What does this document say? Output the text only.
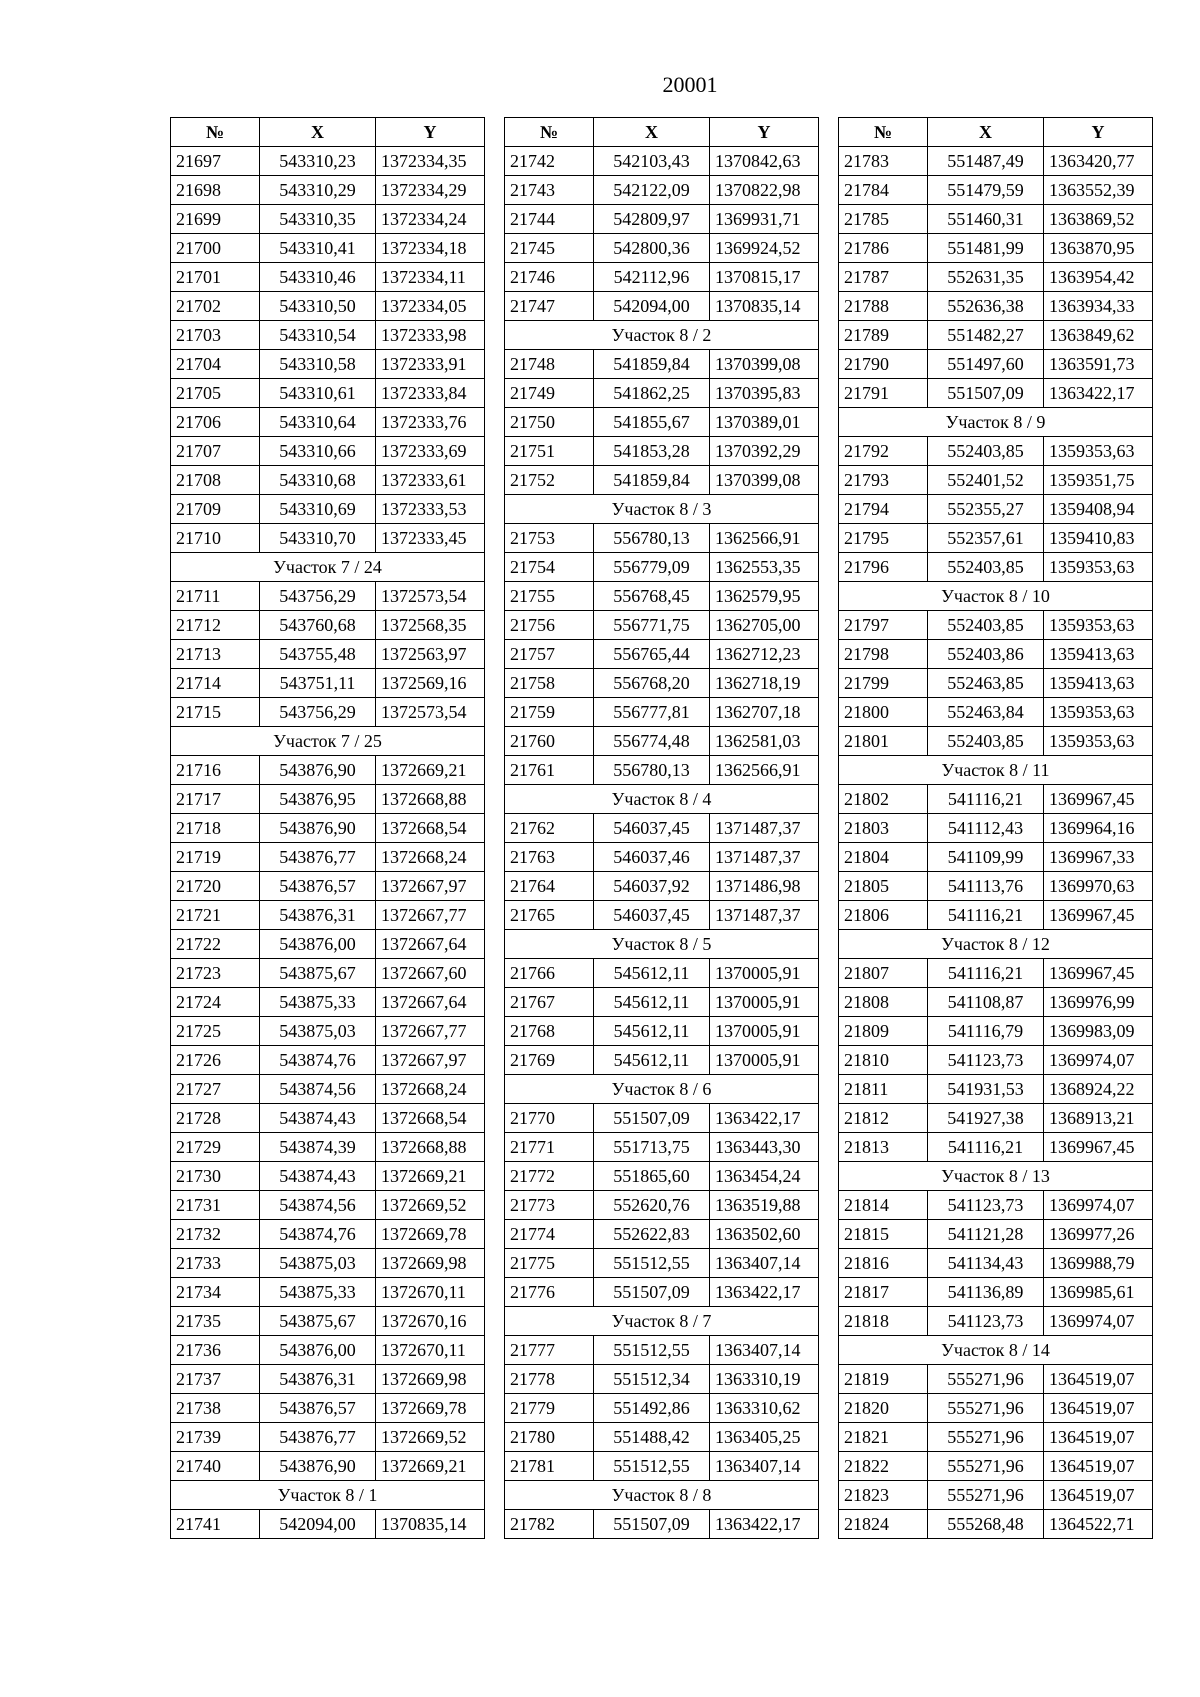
20001
№	X	Y
21697	543310,23	1372334,35
21698	543310,29	1372334,29
21699	543310,35	1372334,24
21700	543310,41	1372334,18
21701	543310,46	1372334,11
21702	543310,50	1372334,05
21703	543310,54	1372333,98
21704	543310,58	1372333,91
21705	543310,61	1372333,84
21706	543310,64	1372333,76
21707	543310,66	1372333,69
21708	543310,68	1372333,61
21709	543310,69	1372333,53
21710	543310,70	1372333,45
Участок 7 / 24		
21711	543756,29	1372573,54
21712	543760,68	1372568,35
21713	543755,48	1372563,97
21714	543751,11	1372569,16
21715	543756,29	1372573,54
Участок 7 / 25		
21716	543876,90	1372669,21
21717	543876,95	1372668,88
21718	543876,90	1372668,54
21719	543876,77	1372668,24
21720	543876,57	1372667,97
21721	543876,31	1372667,77
21722	543876,00	1372667,64
21723	543875,67	1372667,60
21724	543875,33	1372667,64
21725	543875,03	1372667,77
21726	543874,76	1372667,97
21727	543874,56	1372668,24
21728	543874,43	1372668,54
21729	543874,39	1372668,88
21730	543874,43	1372669,21
21731	543874,56	1372669,52
21732	543874,76	1372669,78
21733	543875,03	1372669,98
21734	543875,33	1372670,11
21735	543875,67	1372670,16
21736	543876,00	1372670,11
21737	543876,31	1372669,98
21738	543876,57	1372669,78
21739	543876,77	1372669,52
21740	543876,90	1372669,21
Участок 8 / 1		
21741	542094,00	1370835,14
№	X	Y
21742	542103,43	1370842,63
21743	542122,09	1370822,98
21744	542809,97	1369931,71
21745	542800,36	1369924,52
21746	542112,96	1370815,17
21747	542094,00	1370835,14
Участок 8 / 2		
21748	541859,84	1370399,08
21749	541862,25	1370395,83
21750	541855,67	1370389,01
21751	541853,28	1370392,29
21752	541859,84	1370399,08
Участок 8 / 3		
21753	556780,13	1362566,91
21754	556779,09	1362553,35
21755	556768,45	1362579,95
21756	556771,75	1362705,00
21757	556765,44	1362712,23
21758	556768,20	1362718,19
21759	556777,81	1362707,18
21760	556774,48	1362581,03
21761	556780,13	1362566,91
Участок 8 / 4		
21762	546037,45	1371487,37
21763	546037,46	1371487,37
21764	546037,92	1371486,98
21765	546037,45	1371487,37
Участок 8 / 5		
21766	545612,11	1370005,91
21767	545612,11	1370005,91
21768	545612,11	1370005,91
21769	545612,11	1370005,91
Участок 8 / 6		
21770	551507,09	1363422,17
21771	551713,75	1363443,30
21772	551865,60	1363454,24
21773	552620,76	1363519,88
21774	552622,83	1363502,60
21775	551512,55	1363407,14
21776	551507,09	1363422,17
Участок 8 / 7		
21777	551512,55	1363407,14
21778	551512,34	1363310,19
21779	551492,86	1363310,62
21780	551488,42	1363405,25
21781	551512,55	1363407,14
Участок 8 / 8		
21782	551507,09	1363422,17
№	X	Y
21783	551487,49	1363420,77
21784	551479,59	1363552,39
21785	551460,31	1363869,52
21786	551481,99	1363870,95
21787	552631,35	1363954,42
21788	552636,38	1363934,33
21789	551482,27	1363849,62
21790	551497,60	1363591,73
21791	551507,09	1363422,17
Участок 8 / 9		
21792	552403,85	1359353,63
21793	552401,52	1359351,75
21794	552355,27	1359408,94
21795	552357,61	1359410,83
21796	552403,85	1359353,63
Участок 8 / 10		
21797	552403,85	1359353,63
21798	552403,86	1359413,63
21799	552463,85	1359413,63
21800	552463,84	1359353,63
21801	552403,85	1359353,63
Участок 8 / 11		
21802	541116,21	1369967,45
21803	541112,43	1369964,16
21804	541109,99	1369967,33
21805	541113,76	1369970,63
21806	541116,21	1369967,45
Участок 8 / 12		
21807	541116,21	1369967,45
21808	541108,87	1369976,99
21809	541116,79	1369983,09
21810	541123,73	1369974,07
21811	541931,53	1368924,22
21812	541927,38	1368913,21
21813	541116,21	1369967,45
Участок 8 / 13		
21814	541123,73	1369974,07
21815	541121,28	1369977,26
21816	541134,43	1369988,79
21817	541136,89	1369985,61
21818	541123,73	1369974,07
Участок 8 / 14		
21819	555271,96	1364519,07
21820	555271,96	1364519,07
21821	555271,96	1364519,07
21822	555271,96	1364519,07
21823	555271,96	1364519,07
21824	555268,48	1364522,71
